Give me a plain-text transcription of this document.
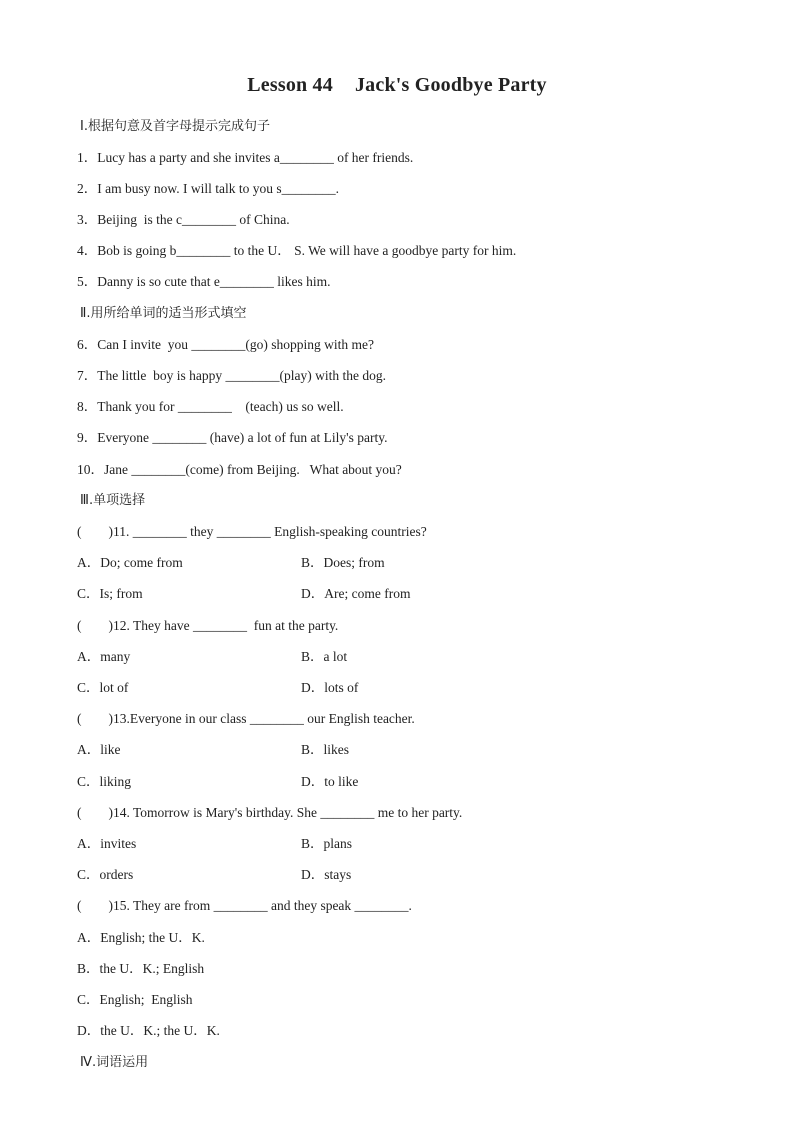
Lesson 44 Jack's Goodbye Party
Ⅰ.根据句意及首字母提示完成句子
1．Lucy has a party and she invites a________ of her friends.
2．I am busy now. I will talk to you s________.
3．Beijing  is the c________ of China.
4．Bob is going b________ to the U． S. We will have a goodbye party for him.
5．Danny is so cute that e________ likes him.
Ⅱ.用所给单词的适当形式填空
6．Can I invite  you ________(go) shopping with me?
7．The little  boy is happy ________(play) with the dog.
8．Thank you for ________    (teach) us so well.
9．Everyone ________ (have) a lot of fun at Lily's party.
10．Jane ________(come) from Beijing.   What about you?
Ⅲ.单项选择
(        )11. ________ they ________ English-speaking countries?
A．Do; come from	B．Does; from
C．Is; from	D．Are; come from
(        )12. They have ________  fun at the party.
A．many	B．a lot
C．lot of	D．lots of
(        )13.Everyone in our class ________ our English teacher.
A．like	B．likes
C．liking	D．to like
(        )14. Tomorrow is Mary's birthday. She ________ me to her party.
A．invites	B．plans
C．orders	D．stays
(        )15. They are from ________ and they speak ________.
A．English; the U．K.
B．the U．K.; English
C．English;  English
D．the U．K.; the U．K.
Ⅳ.词语运用
